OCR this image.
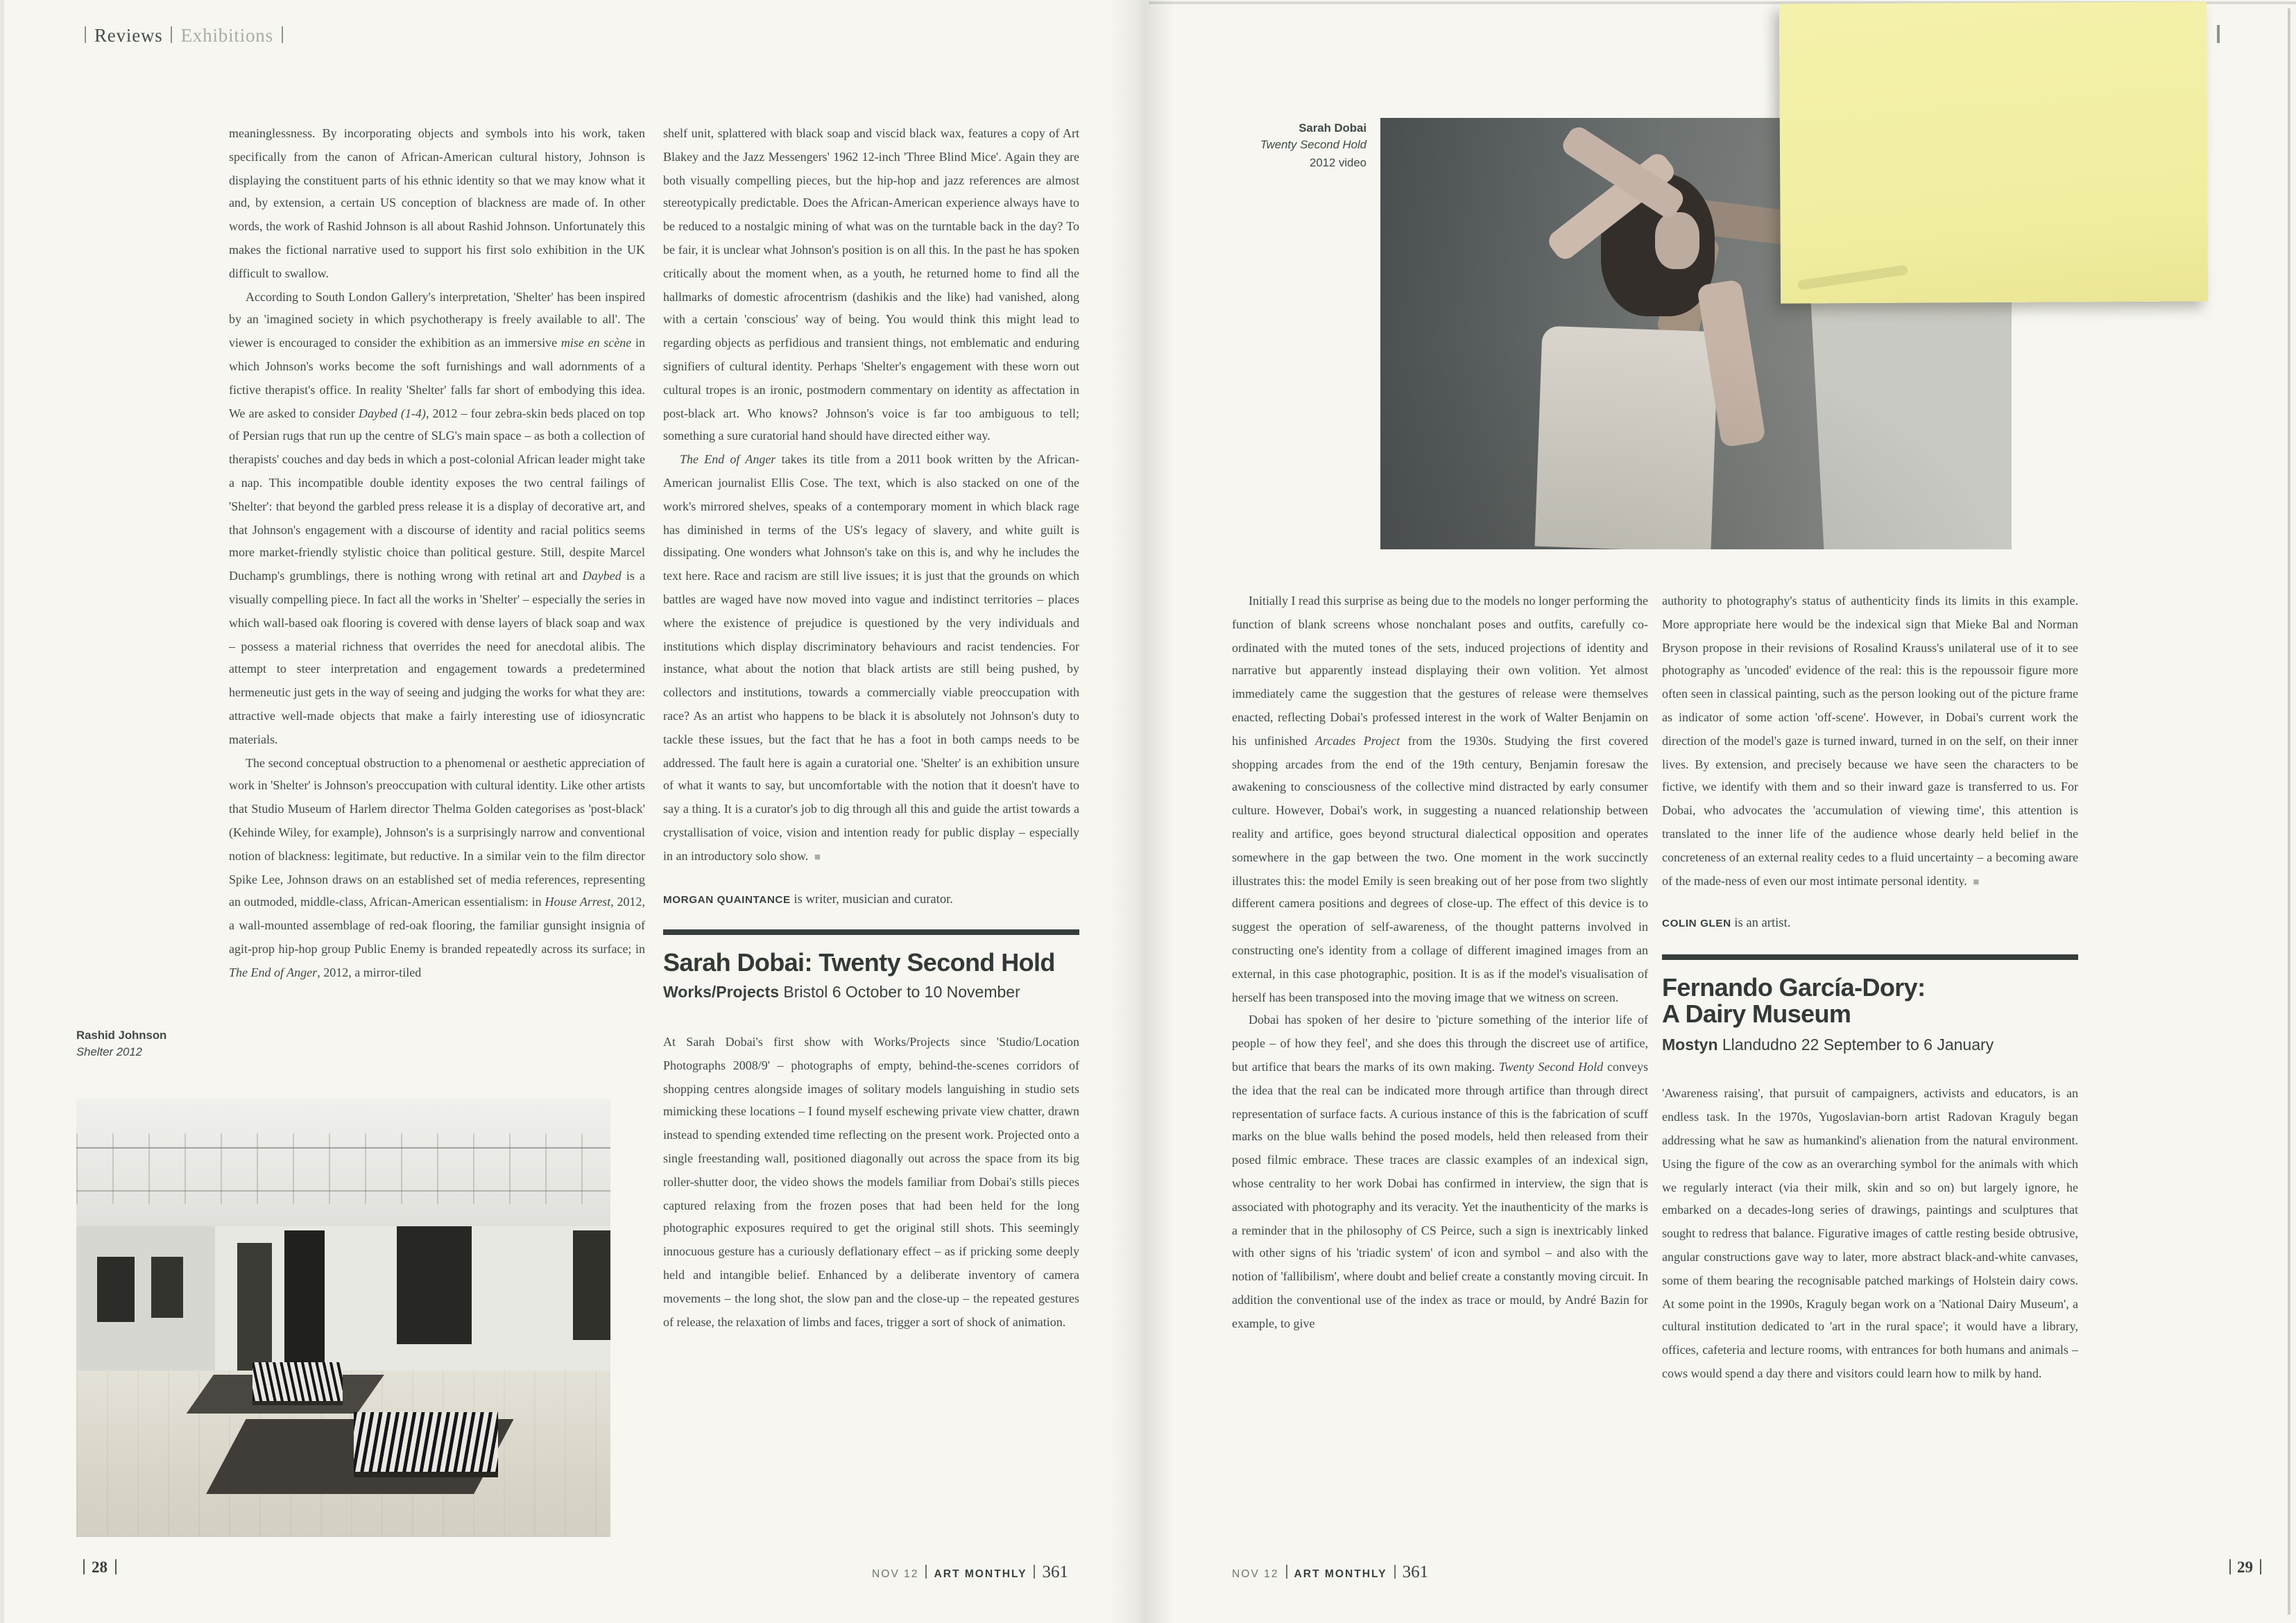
Reviews Exhibitions

meaninglessness. By incorporating objects and symbols into his work, taken specifically from the canon of African-American cultural history, Johnson is displaying the constituent parts of his ethnic identity so that we may know what it and, by extension, a certain US conception of blackness are made of. In other words, the work of Rashid Johnson is all about Rashid Johnson. Unfortunately this makes the fictional narrative used to support his first solo exhibition in the UK difficult to swallow.

According to South London Gallery's interpretation, 'Shelter' has been inspired by an 'imagined society in which psychotherapy is freely available to all'. The viewer is encouraged to consider the exhibition as an immersive mise en scène in which Johnson's works become the soft furnishings and wall adornments of a fictive therapist's office. In reality 'Shelter' falls far short of embodying this idea. We are asked to consider Daybed (1-4), 2012 – four zebra-skin beds placed on top of Persian rugs that run up the centre of SLG's main space – as both a collection of therapists' couches and day beds in which a post-colonial African leader might take a nap. This incompatible double identity exposes the two central failings of 'Shelter': that beyond the garbled press release it is a display of decorative art, and that Johnson's engagement with a discourse of identity and racial politics seems more market-friendly stylistic choice than political gesture. Still, despite Marcel Duchamp's grumblings, there is nothing wrong with retinal art and Daybed is a visually compelling piece. In fact all the works in 'Shelter' – especially the series in which wall-based oak flooring is covered with dense layers of black soap and wax – possess a material richness that overrides the need for anecdotal alibis. The attempt to steer interpretation and engagement towards a predetermined hermeneutic just gets in the way of seeing and judging the works for what they are: attractive well-made objects that make a fairly interesting use of idiosyncratic materials.

The second conceptual obstruction to a phenomenal or aesthetic appreciation of work in 'Shelter' is Johnson's preoccupation with cultural identity. Like other artists that Studio Museum of Harlem director Thelma Golden categorises as 'post-black' (Kehinde Wiley, for example), Johnson's is a surprisingly narrow and conventional notion of blackness: legitimate, but reductive. In a similar vein to the film director Spike Lee, Johnson draws on an established set of media references, representing an outmoded, middle-class, African-American essentialism: in House Arrest, 2012, a wall-mounted assemblage of red-oak flooring, the familiar gunsight insignia of agit-prop hip-hop group Public Enemy is branded repeatedly across its surface; in The End of Anger, 2012, a mirror-tiled

shelf unit, splattered with black soap and viscid black wax, features a copy of Art Blakey and the Jazz Messengers' 1962 12-inch 'Three Blind Mice'. Again they are both visually compelling pieces, but the hip-hop and jazz references are almost stereotypically predictable. Does the African-American experience always have to be reduced to a nostalgic mining of what was on the turntable back in the day? To be fair, it is unclear what Johnson's position is on all this. In the past he has spoken critically about the moment when, as a youth, he returned home to find all the hallmarks of domestic afrocentrism (dashikis and the like) had vanished, along with a certain 'conscious' way of being. You would think this might lead to regarding objects as perfidious and transient things, not emblematic and enduring signifiers of cultural identity. Perhaps 'Shelter's engagement with these worn out cultural tropes is an ironic, postmodern commentary on identity as affectation in post-black art. Who knows? Johnson's voice is far too ambiguous to tell; something a sure curatorial hand should have directed either way.

The End of Anger takes its title from a 2011 book written by the African-American journalist Ellis Cose. The text, which is also stacked on one of the work's mirrored shelves, speaks of a contemporary moment in which black rage has diminished in terms of the US's legacy of slavery, and white guilt is dissipating. One wonders what Johnson's take on this is, and why he includes the text here. Race and racism are still live issues; it is just that the grounds on which battles are waged have now moved into vague and indistinct territories – places where the existence of prejudice is questioned by the very individuals and institutions which display discriminatory behaviours and racist tendencies. For instance, what about the notion that black artists are still being pushed, by collectors and institutions, towards a commercially viable preoccupation with race? As an artist who happens to be black it is absolutely not Johnson's duty to tackle these issues, but the fact that he has a foot in both camps needs to be addressed. The fault here is again a curatorial one. 'Shelter' is an exhibition unsure of what it wants to say, but uncomfortable with the notion that it doesn't have to say a thing. It is a curator's job to dig through all this and guide the artist towards a crystallisation of voice, vision and intention ready for public display – especially in an introductory solo show. ■

MORGAN QUAINTANCE is writer, musician and curator.
Sarah Dobai: Twenty Second Hold
Works/Projects Bristol 6 October to 10 November

At Sarah Dobai's first show with Works/Projects since 'Studio/Location Photographs 2008/9' – photographs of empty, behind-the-scenes corridors of shopping centres alongside images of solitary models languishing in studio sets mimicking these locations – I found myself eschewing private view chatter, drawn instead to spending extended time reflecting on the present work. Projected onto a single freestanding wall, positioned diagonally out across the space from its big roller-shutter door, the video shows the models familiar from Dobai's stills pieces captured relaxing from the frozen poses that had been held for the long photographic exposures required to get the original still shots. This seemingly innocuous gesture has a curiously deflationary effect – as if pricking some deeply held and intangible belief. Enhanced by a deliberate inventory of camera movements – the long shot, the slow pan and the close-up – the repeated gestures of release, the relaxation of limbs and faces, trigger a sort of shock of animation.

Rashid Johnson
Shelter 2012
28	NOV 12	ART MONTHLY 361
Sarah Dobai
Twenty Second Hold
2012 video

Initially I read this surprise as being due to the models no longer performing the function of blank screens whose nonchalant poses and outfits, carefully co-ordinated with the muted tones of the sets, induced projections of identity and narrative but apparently instead displaying their own volition. Yet almost immediately came the suggestion that the gestures of release were themselves enacted, reflecting Dobai's professed interest in the work of Walter Benjamin on his unfinished Arcades Project from the 1930s. Studying the first covered shopping arcades from the end of the 19th century, Benjamin foresaw the awakening to consciousness of the collective mind distracted by early consumer culture. However, Dobai's work, in suggesting a nuanced relationship between reality and artifice, goes beyond structural dialectical opposition and operates somewhere in the gap between the two. One moment in the work succinctly illustrates this: the model Emily is seen breaking out of her pose from two slightly different camera positions and degrees of close-up. The effect of this device is to suggest the operation of self-awareness, of the thought patterns involved in constructing one's identity from a collage of different imagined images from an external, in this case photographic, position. It is as if the model's visualisation of herself has been transposed into the moving image that we witness on screen.

Dobai has spoken of her desire to 'picture something of the interior life of people – of how they feel', and she does this through the discreet use of artifice, but artifice that bears the marks of its own making. Twenty Second Hold conveys the idea that the real can be indicated more through artifice than through direct representation of surface facts. A curious instance of this is the fabrication of scuff marks on the blue walls behind the posed models, held then released from their posed filmic embrace. These traces are classic examples of an indexical sign, whose centrality to her work Dobai has confirmed in interview, the sign that is associated with photography and its veracity. Yet the inauthenticity of the marks is a reminder that in the philosophy of CS Peirce, such a sign is inextricably linked with other signs of his 'triadic system' of icon and symbol – and also with the notion of 'fallibilism', where doubt and belief create a constantly moving circuit. In addition the conventional use of the index as trace or mould, by André Bazin for example, to give

authority to photography's status of authenticity finds its limits in this example. More appropriate here would be the indexical sign that Mieke Bal and Norman Bryson propose in their revisions of Rosalind Krauss's unilateral use of it to see photography as 'uncoded' evidence of the real: this is the repoussoir figure more often seen in classical painting, such as the person looking out of the picture frame as indicator of some action 'off-scene'. However, in Dobai's current work the direction of the model's gaze is turned inward, turned in on the self, on their inner lives. By extension, and precisely because we have seen the characters to be fictive, we identify with them and so their inward gaze is transferred to us. For Dobai, who advocates the 'accumulation of viewing time', this attention is translated to the inner life of the audience whose dearly held belief in the concreteness of an external reality cedes to a fluid uncertainty – a becoming aware of the made-ness of even our most intimate personal identity. ■

COLIN GLEN is an artist.
Fernando García-Dory:
A Dairy Museum
Mostyn Llandudno 22 September to 6 January

'Awareness raising', that pursuit of campaigners, activists and educators, is an endless task. In the 1970s, Yugoslavian-born artist Radovan Kraguly began addressing what he saw as humankind's alienation from the natural environment. Using the figure of the cow as an overarching symbol for the animals with which we regularly interact (via their milk, skin and so on) but largely ignore, he embarked on a decades-long series of drawings, paintings and sculptures that sought to redress that balance. Figurative images of cattle resting beside obtrusive, angular constructions gave way to later, more abstract black-and-white canvases, some of them bearing the recognisable patched markings of Holstein dairy cows. At some point in the 1990s, Kraguly began work on a 'National Dairy Museum', a cultural institution dedicated to 'art in the rural space'; it would have a library, offices, cafeteria and lecture rooms, with entrances for both humans and animals – cows would spend a day there and visitors could learn how to milk by hand.

NOV 12	ART MONTHLY 361	29
